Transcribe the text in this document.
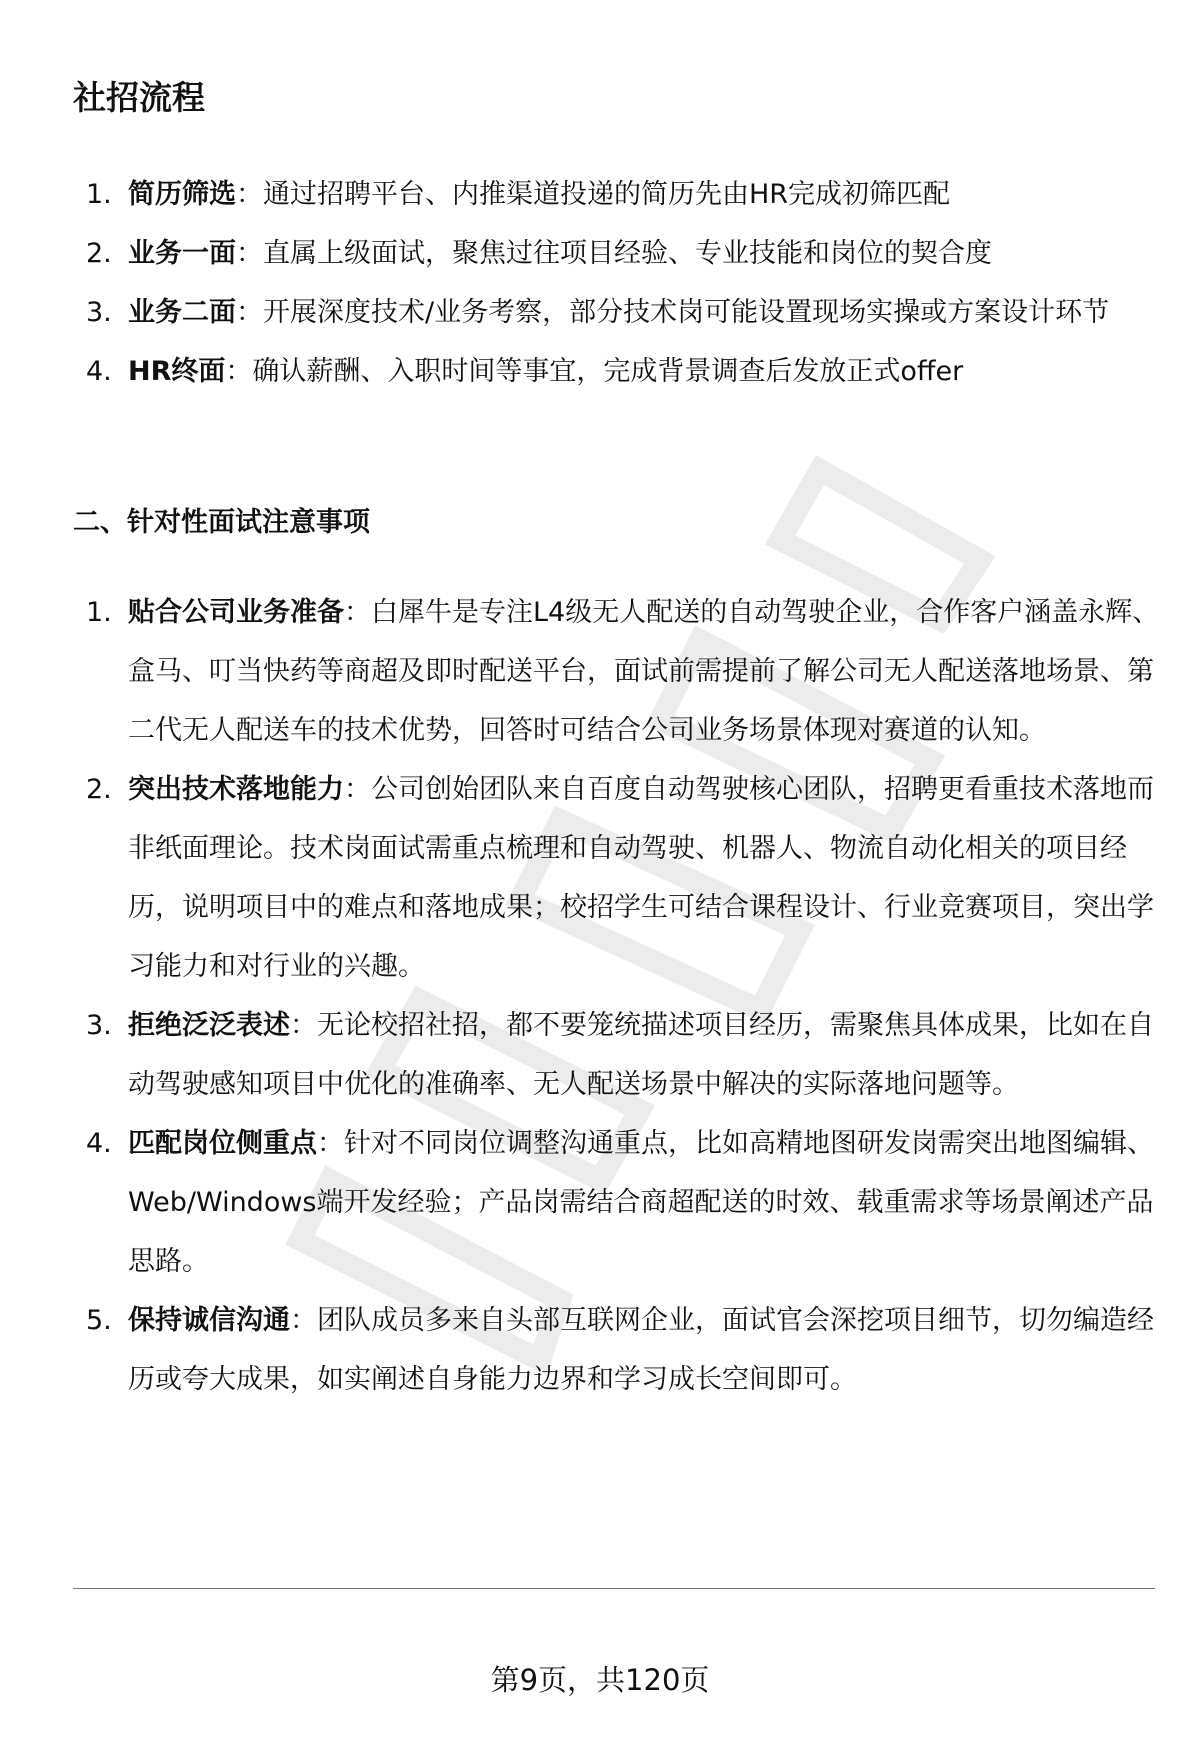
社招流程
1. 简历筛选：通过招聘平台、内推渠道投递的简历先由HR完成初筛匹配
2. 业务一面：直属上级面试，聚焦过往项目经验、专业技能和岗位的契合度
3. 业务二面：开展深度技术/业务考察，部分技术岗可能设置现场实操或方案设计环节
4. HR终面：确认薪酬、入职时间等事宜，完成背景调查后发放正式offer
二、针对性面试注意事项
1. 贴合公司业务准备：白犀牛是专注L4级无人配送的自动驾驶企业，合作客户涵盖永辉、盒马、叮当快药等商超及即时配送平台，面试前需提前了解公司无人配送落地场景、第二代无人配送车的技术优势，回答时可结合公司业务场景体现对赛道的认知。
2. 突出技术落地能力：公司创始团队来自百度自动驾驶核心团队，招聘更看重技术落地而非纸面理论。技术岗面试需重点梳理和自动驾驶、机器人、物流自动化相关的项目经历，说明项目中的难点和落地成果；校招学生可结合课程设计、行业竞赛项目，突出学习能力和对行业的兴趣。
3. 拒绝泛泛表述：无论校招社招，都不要笼统描述项目经历，需聚焦具体成果，比如在自动驾驶感知项目中优化的准确率、无人配送场景中解决的实际落地问题等。
4. 匹配岗位侧重点：针对不同岗位调整沟通重点，比如高精地图研发岗需突出地图编辑、Web/Windows端开发经验；产品岗需结合商超配送的时效、载重需求等场景阐述产品思路。
5. 保持诚信沟通：团队成员多来自头部互联网企业，面试官会深挖项目细节，切勿编造经历或夸大成果，如实阐述自身能力边界和学习成长空间即可。
第9页，共120页
